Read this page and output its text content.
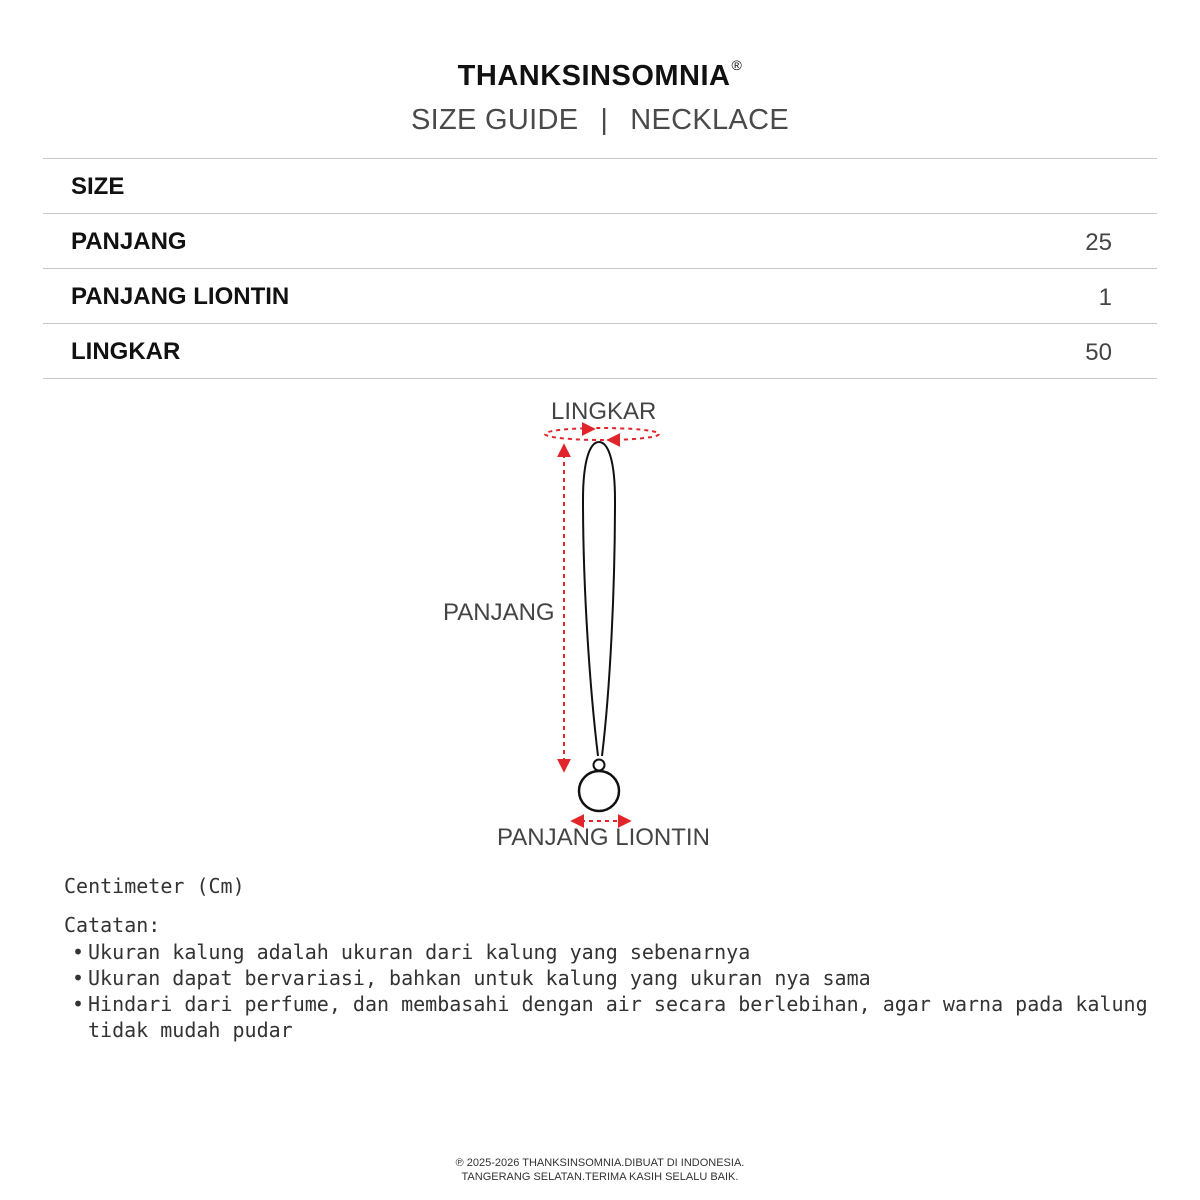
THANKSINSOMNIA®
SIZE GUIDE | NECKLACE
SIZE
PANJANG	25
PANJANG LIONTIN	1
LINGKAR	50
LINGKAR
PANJANG
PANJANG LIONTIN
Centimeter (Cm)
Catatan:
• Ukuran kalung adalah ukuran dari kalung yang sebenarnya
• Ukuran dapat bervariasi, bahkan untuk kalung yang ukuran nya sama
• Hindari dari perfume, dan membasahi dengan air secara berlebihan, agar warna pada kalung tidak mudah pudar
℗ 2025-2026 THANKSINSOMNIA.DIBUAT DI INDONESIA.
TANGERANG SELATAN.TERIMA KASIH SELALU BAIK.
